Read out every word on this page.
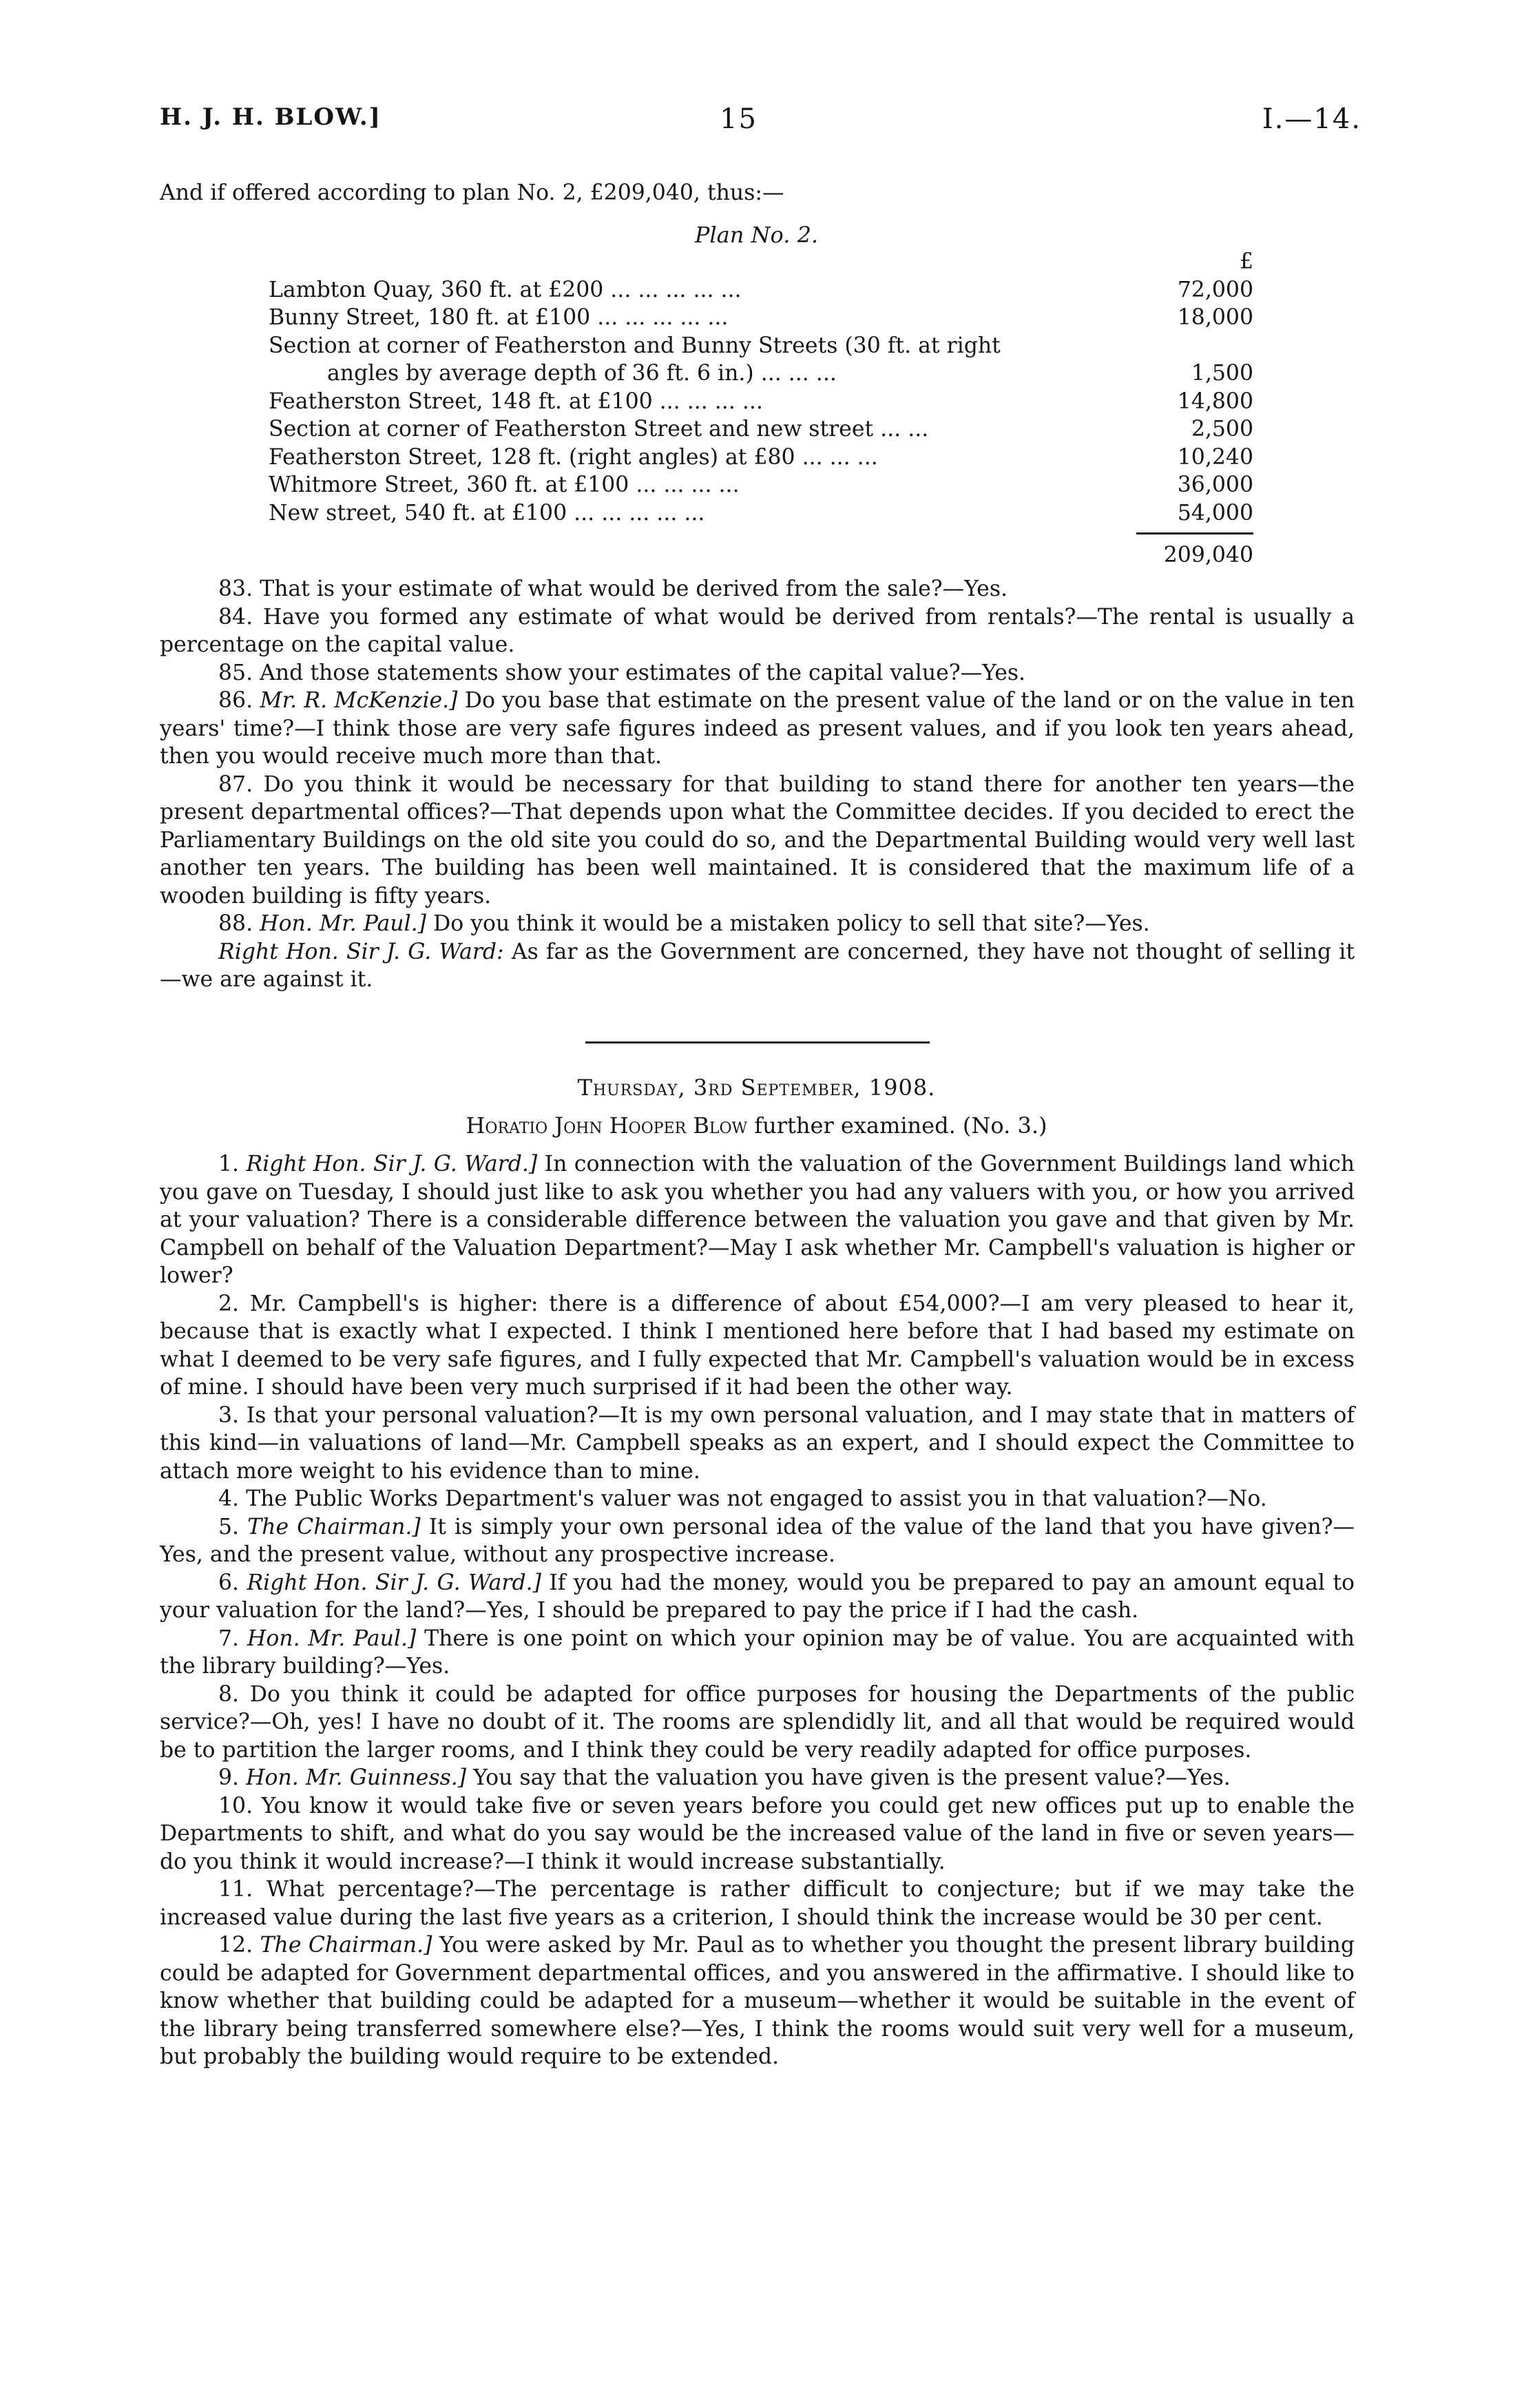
H. J. H. BLOW.]	15	I.—14.

And if offered according to plan No. 2, £209,040, thus:—

Plan No. 2.
£
Lambton Quay, 360 ft. at £200 ... ... ... ... ...	72,000
Bunny Street, 180 ft. at £100 ... ... ... ... ...	18,000
Section at corner of Featherston and Bunny Streets (30 ft. at right
angles by average depth of 36 ft. 6 in.) ... ... ...	1,500
Featherston Street, 148 ft. at £100 ... ... ... ...	14,800
Section at corner of Featherston Street and new street ... ...	2,500
Featherston Street, 128 ft. (right angles) at £80 ... ... ...	10,240
Whitmore Street, 360 ft. at £100 ... ... ... ...	36,000
New street, 540 ft. at £100 ... ... ... ... ...	54,000
209,040

83. That is your estimate of what would be derived from the sale?—Yes.

84. Have you formed any estimate of what would be derived from rentals?—The rental is usually a percentage on the capital value.

85. And those statements show your estimates of the capital value?—Yes.

86. Mr. R. McKenzie.] Do you base that estimate on the present value of the land or on the value in ten years' time?—I think those are very safe figures indeed as present values, and if you look ten years ahead, then you would receive much more than that.

87. Do you think it would be necessary for that building to stand there for another ten years—the present departmental offices?—That depends upon what the Committee decides. If you decided to erect the Parliamentary Buildings on the old site you could do so, and the Departmental Building would very well last another ten years. The building has been well maintained. It is considered that the maximum life of a wooden building is fifty years.

88. Hon. Mr. Paul.] Do you think it would be a mistaken policy to sell that site?—Yes.

Right Hon. Sir J. G. Ward: As far as the Government are concerned, they have not thought of selling it—we are against it.

Thursday, 3rd September, 1908.
Horatio John Hooper Blow further examined. (No. 3.)

1. Right Hon. Sir J. G. Ward.] In connection with the valuation of the Government Buildings land which you gave on Tuesday, I should just like to ask you whether you had any valuers with you, or how you arrived at your valuation? There is a considerable difference between the valuation you gave and that given by Mr. Campbell on behalf of the Valuation Department?—May I ask whether Mr. Campbell's valuation is higher or lower?

2. Mr. Campbell's is higher: there is a difference of about £54,000?—I am very pleased to hear it, because that is exactly what I expected. I think I mentioned here before that I had based my estimate on what I deemed to be very safe figures, and I fully expected that Mr. Campbell's valuation would be in excess of mine. I should have been very much surprised if it had been the other way.

3. Is that your personal valuation?—It is my own personal valuation, and I may state that in matters of this kind—in valuations of land—Mr. Campbell speaks as an expert, and I should expect the Committee to attach more weight to his evidence than to mine.

4. The Public Works Department's valuer was not engaged to assist you in that valuation?—No.

5. The Chairman.] It is simply your own personal idea of the value of the land that you have given?—Yes, and the present value, without any prospective increase.

6. Right Hon. Sir J. G. Ward.] If you had the money, would you be prepared to pay an amount equal to your valuation for the land?—Yes, I should be prepared to pay the price if I had the cash.

7. Hon. Mr. Paul.] There is one point on which your opinion may be of value. You are acquainted with the library building?—Yes.

8. Do you think it could be adapted for office purposes for housing the Departments of the public service?—Oh, yes! I have no doubt of it. The rooms are splendidly lit, and all that would be required would be to partition the larger rooms, and I think they could be very readily adapted for office purposes.

9. Hon. Mr. Guinness.] You say that the valuation you have given is the present value?—Yes.

10. You know it would take five or seven years before you could get new offices put up to enable the Departments to shift, and what do you say would be the increased value of the land in five or seven years—do you think it would increase?—I think it would increase substantially.

11. What percentage?—The percentage is rather difficult to conjecture; but if we may take the increased value during the last five years as a criterion, I should think the increase would be 30 per cent.

12. The Chairman.] You were asked by Mr. Paul as to whether you thought the present library building could be adapted for Government departmental offices, and you answered in the affirmative. I should like to know whether that building could be adapted for a museum—whether it would be suitable in the event of the library being transferred somewhere else?—Yes, I think the rooms would suit very well for a museum, but probably the building would require to be extended.
